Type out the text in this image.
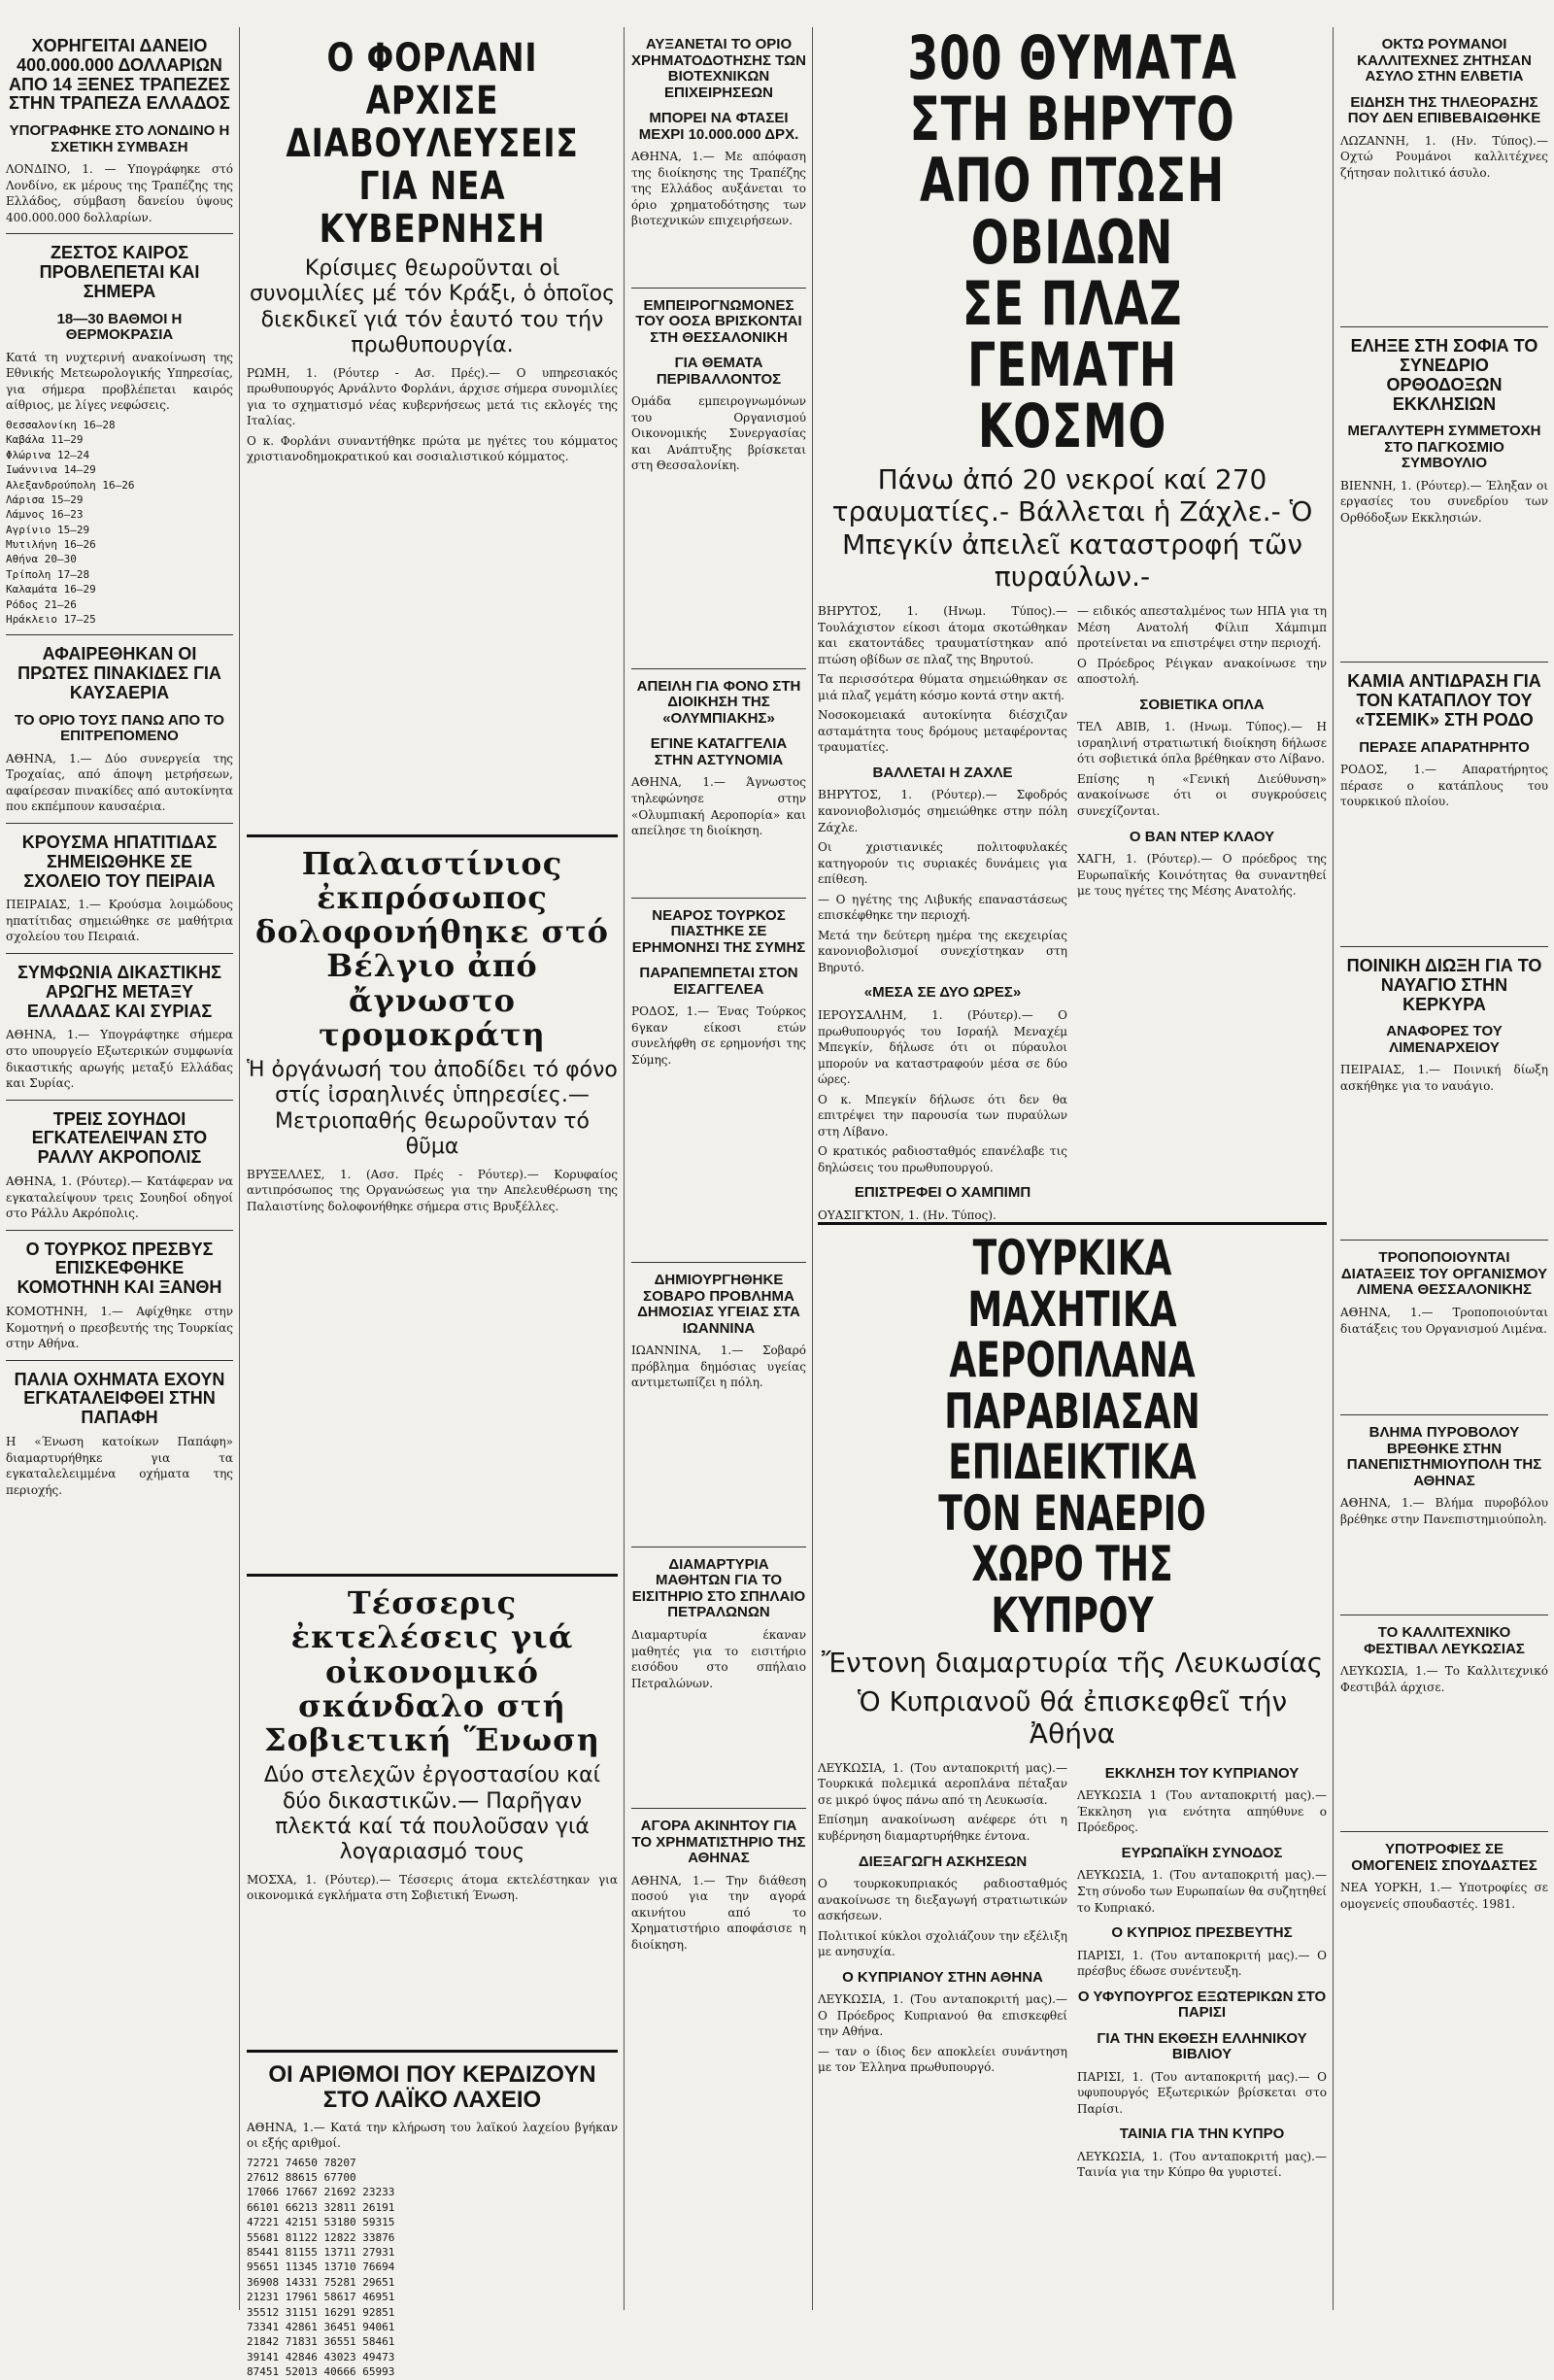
ΧΟΡΗΓΕΙΤΑΙ ΔΑΝΕΙΟ 400.000.000 ΔΟΛΛΑΡΙΩΝ ΑΠΟ 14 ΞΕΝΕΣ ΤΡΑΠΕΖΕΣ ΣΤΗΝ ΤΡΑΠΕΖΑ ΕΛΛΑΔΟΣ
ΥΠΟΓΡΑΦΗΚΕ ΣΤΟ ΛΟΝΔΙΝΟ Η ΣΧΕΤΙΚΗ ΣΥΜΒΑΣΗ
ΛΟΝΔΙΝΟ, 1. — Υπογράφηκε στό Λονδίνο, εκ μέρους της Τραπέζης της Ελλάδος, σύμβαση δανείου ύψους 400.000.000 δολλαρίων.
ΖΕΣΤΟΣ ΚΑΙΡΟΣ ΠΡΟΒΛΕΠΕΤΑΙ ΚΑΙ ΣΗΜΕΡΑ
18—30 ΒΑΘΜΟΙ Η ΘΕΡΜΟΚΡΑΣΙΑ
Κατά τη νυχτερινή ανακοίνωση της Εθνικής Μετεωρολογικής Υπηρεσίας, για σήμερα προβλέπεται καιρός αίθριος, με λίγες νεφώσεις.
Θεσσαλονίκη 16—28
Καβάλα 11—29
Φλώρινα 12—24
Ιωάννινα 14—29
Αλεξανδρούπολη 16—26
Λάρισα 15—29
Λάμνος 16—23
Αγρίνιο 15—29
Μυτιλήνη 16—26
Αθήνα 20—30
Τρίπολη 17—28
Καλαμάτα 16—29
Ρόδος 21—26
Ηράκλειο 17—25
ΑΦΑΙΡΕΘΗΚΑΝ ΟΙ ΠΡΩΤΕΣ ΠΙΝΑΚΙΔΕΣ ΓΙΑ ΚΑΥΣΑΕΡΙΑ
ΤΟ ΟΡΙΟ ΤΟΥΣ ΠΑΝΩ ΑΠΟ ΤΟ ΕΠΙΤΡΕΠΟΜΕΝΟ
ΑΘΗΝΑ, 1.— Δύο συνεργεία της Τροχαίας, από άποψη μετρήσεων, αφαίρεσαν πινακίδες από αυτοκίνητα που εκπέμπουν καυσαέρια.
ΚΡΟΥΣΜΑ ΗΠΑΤΙΤΙΔΑΣ ΣΗΜΕΙΩΘΗΚΕ ΣΕ ΣΧΟΛΕΙΟ ΤΟΥ ΠΕΙΡΑΙΑ
ΠΕΙΡΑΙΑΣ, 1.— Κρούσμα λοιμώδους ηπατίτιδας σημειώθηκε σε μαθήτρια σχολείου του Πειραιά.
ΣΥΜΦΩΝΙΑ ΔΙΚΑΣΤΙΚΗΣ ΑΡΩΓΗΣ ΜΕΤΑΞΥ ΕΛΛΑΔΑΣ ΚΑΙ ΣΥΡΙΑΣ
ΑΘΗΝΑ, 1.— Υπογράφτηκε σήμερα στο υπουργείο Εξωτερικών συμφωνία δικαστικής αρωγής μεταξύ Ελλάδας και Συρίας.
ΤΡΕΙΣ ΣΟΥΗΔΟΙ ΕΓΚΑΤΕΛΕΙΨΑΝ ΣΤΟ ΡΑΛΛΥ ΑΚΡΟΠΟΛΙΣ
ΑΘΗΝΑ, 1. (Ρόυτερ).— Κατάφεραν να εγκαταλείψουν τρεις Σουηδοί οδηγοί στο Ράλλυ Ακρόπολις.
Ο ΤΟΥΡΚΟΣ ΠΡΕΣΒΥΣ ΕΠΙΣΚΕΦΘΗΚΕ ΚΟΜΟΤΗΝΗ ΚΑΙ ΞΑΝΘΗ
ΚΟΜΟΤΗΝΗ, 1.— Αφίχθηκε στην Κομοτηνή ο πρεσβευτής της Τουρκίας στην Αθήνα.
ΠΑΛΙΑ ΟΧΗΜΑΤΑ ΕΧΟΥΝ ΕΓΚΑΤΑΛΕΙΦΘΕΙ ΣΤΗΝ ΠΑΠΑΦΗ
Η «Ένωση κατοίκων Παπάφη» διαμαρτυρήθηκε για τα εγκαταλελειμμένα οχήματα της περιοχής.
Ο ΦΟΡΛΑΝΙ ΑΡΧΙΣΕ ΔΙΑΒΟΥΛΕΥΣΕΙΣ ΓΙΑ ΝΕΑ ΚΥΒΕΡΝΗΣΗ
Κρίσιμες θεωροῦνται οἱ συνομιλίες μέ τόν Κράξι, ὁ ὁποῖος διεκδικεῖ γιά τόν ἑαυτό του τήν πρωθυπουργία.
ΡΩΜΗ, 1. (Ρόυτερ - Ασ. Πρές).— Ο υπηρεσιακός πρωθυπουργός Αρνάλντο Φορλάνι, άρχισε σήμερα συνομιλίες για το σχηματισμό νέας κυβερνήσεως μετά τις εκλογές της Ιταλίας.
Ο κ. Φορλάνι συναντήθηκε πρώτα με ηγέτες του κόμματος χριστιανοδημοκρατικού και σοσιαλιστικού κόμματος.
Παλαιστίνιος ἐκπρόσωπος δολοφονήθηκε στό Βέλγιο ἀπό ἄγνωστο τρομοκράτη
Ἡ ὀργάνωσή του ἀποδίδει τό φόνο στίς ἰσραηλινές ὑπηρεσίες.— Μετριοπαθής θεωροῦνταν τό θῦμα
ΒΡΥΞΕΛΛΕΣ, 1. (Ασσ. Πρές - Ρόυτερ).— Κορυφαίος αντιπρόσωπος της Οργανώσεως για την Απελευθέρωση της Παλαιστίνης δολοφονήθηκε σήμερα στις Βρυξέλλες.
Τέσσερις ἐκτελέσεις γιά οἰκονομικό σκάνδαλο στή Σοβιετική Ἕνωση
Δύο στελεχῶν ἐργοστασίου καί δύο δικαστικῶν.— Παρῆγαν πλεκτά καί τά πουλοῦσαν γιά λογαριασμό τους
ΜΟΣΧΑ, 1. (Ρόυτερ).— Τέσσερις άτομα εκτελέστηκαν για οικονομικά εγκλήματα στη Σοβιετική Ένωση.
ΟΙ ΑΡΙΘΜΟΙ ΠΟΥ ΚΕΡΔΙΖΟΥΝ ΣΤΟ ΛΑΪΚΟ ΛΑΧΕΙΟ
ΑΘΗΝΑ, 1.— Κατά την κλήρωση του λαϊκού λαχείου βγήκαν οι εξής αριθμοί.
72721 74650 78207
27612 88615 67700
17066 17667 21692 23233
66101 66213 32811 26191
47221 42151 53180 59315
55681 81122 12822 33876
85441 81155 13711 27931
95651 11345 13710 76694
36908 14331 75281 29651
21231 17961 58617 46951
35512 31151 16291 92851
73341 42861 36451 94061
21842 71831 36551 58461
39141 42846 43023 49473
87451 52013 40666 65993
ΑΥΞΑΝΕΤΑΙ ΤΟ ΟΡΙΟ ΧΡΗΜΑΤΟΔΟΤΗΣΗΣ ΤΩΝ ΒΙΟΤΕΧΝΙΚΩΝ ΕΠΙΧΕΙΡΗΣΕΩΝ
ΜΠΟΡΕΙ ΝΑ ΦΤΑΣΕΙ ΜΕΧΡΙ 10.000.000 ΔΡΧ.
ΑΘΗΝΑ, 1.— Με απόφαση της διοίκησης της Τραπέζης της Ελλάδος αυξάνεται το όριο χρηματοδότησης των βιοτεχνικών επιχειρήσεων.
ΕΜΠΕΙΡΟΓΝΩΜΟΝΕΣ ΤΟΥ ΟΟΣΑ ΒΡΙΣΚΟΝΤΑΙ ΣΤΗ ΘΕΣΣΑΛΟΝΙΚΗ
ΓΙΑ ΘΕΜΑΤΑ ΠΕΡΙΒΑΛΛΟΝΤΟΣ
Ομάδα εμπειρογνωμόνων του Οργανισμού Οικονομικής Συνεργασίας και Ανάπτυξης βρίσκεται στη Θεσσαλονίκη.
ΑΠΕΙΛΗ ΓΙΑ ΦΟΝΟ ΣΤΗ ΔΙΟΙΚΗΣΗ ΤΗΣ «ΟΛΥΜΠΙΑΚΗΣ»
ΕΓΙΝΕ ΚΑΤΑΓΓΕΛΙΑ ΣΤΗΝ ΑΣΤΥΝΟΜΙΑ
ΑΘΗΝΑ, 1.— Άγνωστος τηλεφώνησε στην «Ολυμπιακή Αεροπορία» και απείλησε τη διοίκηση.
ΝΕΑΡΟΣ ΤΟΥΡΚΟΣ ΠΙΑΣΤΗΚΕ ΣΕ ΕΡΗΜΟΝΗΣΙ ΤΗΣ ΣΥΜΗΣ
ΠΑΡΑΠΕΜΠΕΤΑΙ ΣΤΟΝ ΕΙΣΑΓΓΕΛΕΑ
ΡΟΔΟΣ, 1.— Ένας Τούρκος 6γκαν είκοσι ετών συνελήφθη σε ερημονήσι της Σύμης.
ΔΗΜΙΟΥΡΓΗΘΗΚΕ ΣΟΒΑΡΟ ΠΡΟΒΛΗΜΑ ΔΗΜΟΣΙΑΣ ΥΓΕΙΑΣ ΣΤΑ ΙΩΑΝΝΙΝΑ
ΙΩΑΝΝΙΝΑ, 1.— Σοβαρό πρόβλημα δημόσιας υγείας αντιμετωπίζει η πόλη.
ΔΙΑΜΑΡΤΥΡΙΑ ΜΑΘΗΤΩΝ ΓΙΑ ΤΟ ΕΙΣΙΤΗΡΙΟ ΣΤΟ ΣΠΗΛΑΙΟ ΠΕΤΡΑΛΩΝΩΝ
Διαμαρτυρία έκαναν μαθητές για το εισιτήριο εισόδου στο σπήλαιο Πετραλώνων.
ΑΓΟΡΑ ΑΚΙΝΗΤΟΥ ΓΙΑ ΤΟ ΧΡΗΜΑΤΙΣΤΗΡΙΟ ΤΗΣ ΑΘΗΝΑΣ
ΑΘΗΝΑ, 1.— Την διάθεση ποσού για την αγορά ακινήτου από το Χρηματιστήριο αποφάσισε η διοίκηση.
300 ΘΥΜΑΤΑ ΣΤΗ ΒΗΡΥΤΟ
ΑΠΟ ΠΤΩΣΗ ΟΒΙΔΩΝ
ΣΕ ΠΛΑΖ ΓΕΜΑΤΗ ΚΟΣΜΟ
Πάνω ἀπό 20 νεκροί καί 270 τραυματίες.- Βάλλεται ἡ Ζάχλε.- Ὁ Μπεγκίν ἀπειλεῖ καταστροφή τῶν πυραύλων.-
ΒΗΡΥΤΟΣ, 1. (Ηνωμ. Τύπος).— Τουλάχιστον είκοσι άτομα σκοτώθηκαν και εκατοντάδες τραυματίστηκαν από πτώση οβίδων σε πλαζ της Βηρυτού.
Τα περισσότερα θύματα σημειώθηκαν σε μιά πλαζ γεμάτη κόσμο κοντά στην ακτή.
Νοσοκομειακά αυτοκίνητα διέσχιζαν ασταμάτητα τους δρόμους μεταφέροντας τραυματίες.
ΒΑΛΛΕΤΑΙ Η ΖΑΧΛΕ
ΒΗΡΥΤΟΣ, 1. (Ρόυτερ).— Σφοδρός κανονιοβολισμός σημειώθηκε στην πόλη Ζάχλε.
Οι χριστιανικές πολιτοφυλακές κατηγορούν τις συριακές δυνάμεις για επίθεση.
— Ο ηγέτης της Λιβυκής επαναστάσεως επισκέφθηκε την περιοχή.
Μετά την δεύτερη ημέρα της εκεχειρίας κανονιοβολισμοί συνεχίστηκαν στη Βηρυτό.
«ΜΕΣΑ ΣΕ ΔΥΟ ΩΡΕΣ»
ΙΕΡΟΥΣΑΛΗΜ, 1. (Ρόυτερ).— Ο πρωθυπουργός του Ισραήλ Μεναχέμ Μπεγκίν, δήλωσε ότι οι πύραυλοι μπορούν να καταστραφούν μέσα σε δύο ώρες.
Ο κ. Μπεγκίν δήλωσε ότι δεν θα επιτρέψει την παρουσία των πυραύλων στη Λίβανο.
Ο κρατικός ραδιοσταθμός επανέλαβε τις δηλώσεις του πρωθυπουργού.
ΕΠΙΣΤΡΕΦΕΙ Ο ΧΑΜΠΙΜΠ
ΟΥΑΣΙΓΚΤΟΝ, 1. (Ην. Τύπος).
— ειδικός απεσταλμένος των ΗΠΑ για τη Μέση Ανατολή Φίλιπ Χάμπιμπ προτείνεται να επιστρέψει στην περιοχή.
Ο Πρόεδρος Ρέιγκαν ανακοίνωσε την αποστολή.
ΣΟΒΙΕΤΙΚΑ ΟΠΛΑ
ΤΕΛ ΑΒΙΒ, 1. (Ηνωμ. Τύπος).— Η ισραηλινή στρατιωτική διοίκηση δήλωσε ότι σοβιετικά όπλα βρέθηκαν στο Λίβανο.
Επίσης η «Γενική Διεύθυνση» ανακοίνωσε ότι οι συγκρούσεις συνεχίζονται.
Ο ΒΑΝ ΝΤΕΡ ΚΛΑΟΥ
ΧΑΓΗ, 1. (Ρόυτερ).— Ο πρόεδρος της Ευρωπαϊκής Κοινότητας θα συναντηθεί με τους ηγέτες της Μέσης Ανατολής.
ΤΟΥΡΚΙΚΑ ΜΑΧΗΤΙΚΑ ΑΕΡΟΠΛΑΝΑ
ΠΑΡΑΒΙΑΣΑΝ ΕΠΙΔΕΙΚΤΙΚΑ
ΤΟΝ ΕΝΑΕΡΙΟ ΧΩΡΟ ΤΗΣ ΚΥΠΡΟΥ
Ἔντονη διαμαρτυρία τῆς Λευκωσίας
Ὁ Κυπριανοῦ θά ἐπισκεφθεῖ τήν Ἀθήνα
ΛΕΥΚΩΣΙΑ, 1. (Του ανταποκριτή μας).— Τουρκικά πολεμικά αεροπλάνα πέταξαν σε μικρό ύψος πάνω από τη Λευκωσία.
Επίσημη ανακοίνωση ανέφερε ότι η κυβέρνηση διαμαρτυρήθηκε έντονα.
ΔΙΕΞΑΓΩΓΗ ΑΣΚΗΣΕΩΝ
Ο τουρκοκυπριακός ραδιοσταθμός ανακοίνωσε τη διεξαγωγή στρατιωτικών ασκήσεων.
Πολιτικοί κύκλοι σχολιάζουν την εξέλιξη με ανησυχία.
Ο ΚΥΠΡΙΑΝΟΥ ΣΤΗΝ ΑΘΗΝΑ
ΛΕΥΚΩΣΙΑ, 1. (Του ανταποκριτή μας).— Ο Πρόεδρος Κυπριανού θα επισκεφθεί την Αθήνα.
— ταν ο ίδιος δεν αποκλείει συνάντηση με τον Έλληνα πρωθυπουργό.
ΕΚΚΛΗΣΗ ΤΟΥ ΚΥΠΡΙΑΝΟΥ
ΛΕΥΚΩΣΙΑ 1 (Του ανταποκριτή μας).— Έκκληση για ενότητα απηύθυνε ο Πρόεδρος.
ΕΥΡΩΠΑΪΚΗ ΣΥΝΟΔΟΣ
ΛΕΥΚΩΣΙΑ, 1. (Του ανταποκριτή μας).— Στη σύνοδο των Ευρωπαίων θα συζητηθεί το Κυπριακό.
Ο ΚΥΠΡΙΟΣ ΠΡΕΣΒΕΥΤΗΣ
ΠΑΡΙΣΙ, 1. (Του ανταποκριτή μας).— Ο πρέσβυς έδωσε συνέντευξη.
Ο ΥΦΥΠΟΥΡΓΟΣ ΕΞΩΤΕΡΙΚΩΝ ΣΤΟ ΠΑΡΙΣΙ
ΓΙΑ ΤΗΝ ΕΚΘΕΣΗ ΕΛΛΗΝΙΚΟΥ ΒΙΒΛΙΟΥ
ΠΑΡΙΣΙ, 1. (Του ανταποκριτή μας).— Ο υφυπουργός Εξωτερικών βρίσκεται στο Παρίσι.
ΤΑΙΝΙΑ ΓΙΑ ΤΗΝ ΚΥΠΡΟ
ΛΕΥΚΩΣΙΑ, 1. (Του ανταποκριτή μας).— Ταινία για την Κύπρο θα γυριστεί.
ΟΚΤΩ ΡΟΥΜΑΝΟΙ ΚΑΛΛΙΤΕΧΝΕΣ ΖΗΤΗΣΑΝ ΑΣΥΛΟ ΣΤΗΝ ΕΛΒΕΤΙΑ
ΕΙΔΗΣΗ ΤΗΣ ΤΗΛΕΟΡΑΣΗΣ ΠΟΥ ΔΕΝ ΕΠΙΒΕΒΑΙΩΘΗΚΕ
ΛΩΖΑΝΝΗ, 1. (Ην. Τύπος).— Οχτώ Ρουμάνοι καλλιτέχνες ζήτησαν πολιτικό άσυλο.
ΕΛΗΞΕ ΣΤΗ ΣΟΦΙΑ ΤΟ ΣΥΝΕΔΡΙΟ ΟΡΘΟΔΟΞΩΝ ΕΚΚΛΗΣΙΩΝ
ΜΕΓΑΛΥΤΕΡΗ ΣΥΜΜΕΤΟΧΗ ΣΤΟ ΠΑΓΚΟΣΜΙΟ ΣΥΜΒΟΥΛΙΟ
ΒΙΕΝΝΗ, 1. (Ρόυτερ).— Έληξαν οι εργασίες του συνεδρίου των Ορθόδοξων Εκκλησιών.
ΚΑΜΙΑ ΑΝΤΙΔΡΑΣΗ ΓΙΑ ΤΟΝ ΚΑΤΑΠΛΟΥ ΤΟΥ «ΤΣΕΜΙΚ» ΣΤΗ ΡΟΔΟ
ΠΕΡΑΣΕ ΑΠΑΡΑΤΗΡΗΤΟ
ΡΟΔΟΣ, 1.— Απαρατήρητος πέρασε ο κατάπλους του τουρκικού πλοίου.
ΠΟΙΝΙΚΗ ΔΙΩΞΗ ΓΙΑ ΤΟ ΝΑΥΑΓΙΟ ΣΤΗΝ ΚΕΡΚΥΡΑ
ΑΝΑΦΟΡΕΣ ΤΟΥ ΛΙΜΕΝΑΡΧΕΙΟΥ
ΠΕΙΡΑΙΑΣ, 1.— Ποινική δίωξη ασκήθηκε για το ναυάγιο.
ΤΡΟΠΟΠΟΙΟΥΝΤΑΙ ΔΙΑΤΑΞΕΙΣ ΤΟΥ ΟΡΓΑΝΙΣΜΟΥ ΛΙΜΕΝΑ ΘΕΣΣΑΛΟΝΙΚΗΣ
ΑΘΗΝΑ, 1.— Τροποποιούνται διατάξεις του Οργανισμού Λιμένα.
ΒΛΗΜΑ ΠΥΡΟΒΟΛΟΥ ΒΡΕΘΗΚΕ ΣΤΗΝ ΠΑΝΕΠΙΣΤΗΜΙΟΥΠΟΛΗ ΤΗΣ ΑΘΗΝΑΣ
ΑΘΗΝΑ, 1.— Βλήμα πυροβόλου βρέθηκε στην Πανεπιστημιούπολη.
ΤΟ ΚΑΛΛΙΤΕΧΝΙΚΟ ΦΕΣΤΙΒΑΛ ΛΕΥΚΩΣΙΑΣ
ΛΕΥΚΩΣΙΑ, 1.— Το Καλλιτεχνικό Φεστιβάλ άρχισε.
ΥΠΟΤΡΟΦΙΕΣ ΣΕ ΟΜΟΓΕΝΕΙΣ ΣΠΟΥΔΑΣΤΕΣ
ΝΕΑ ΥΟΡΚΗ, 1.— Υποτροφίες σε ομογενείς σπουδαστές. 1981.
